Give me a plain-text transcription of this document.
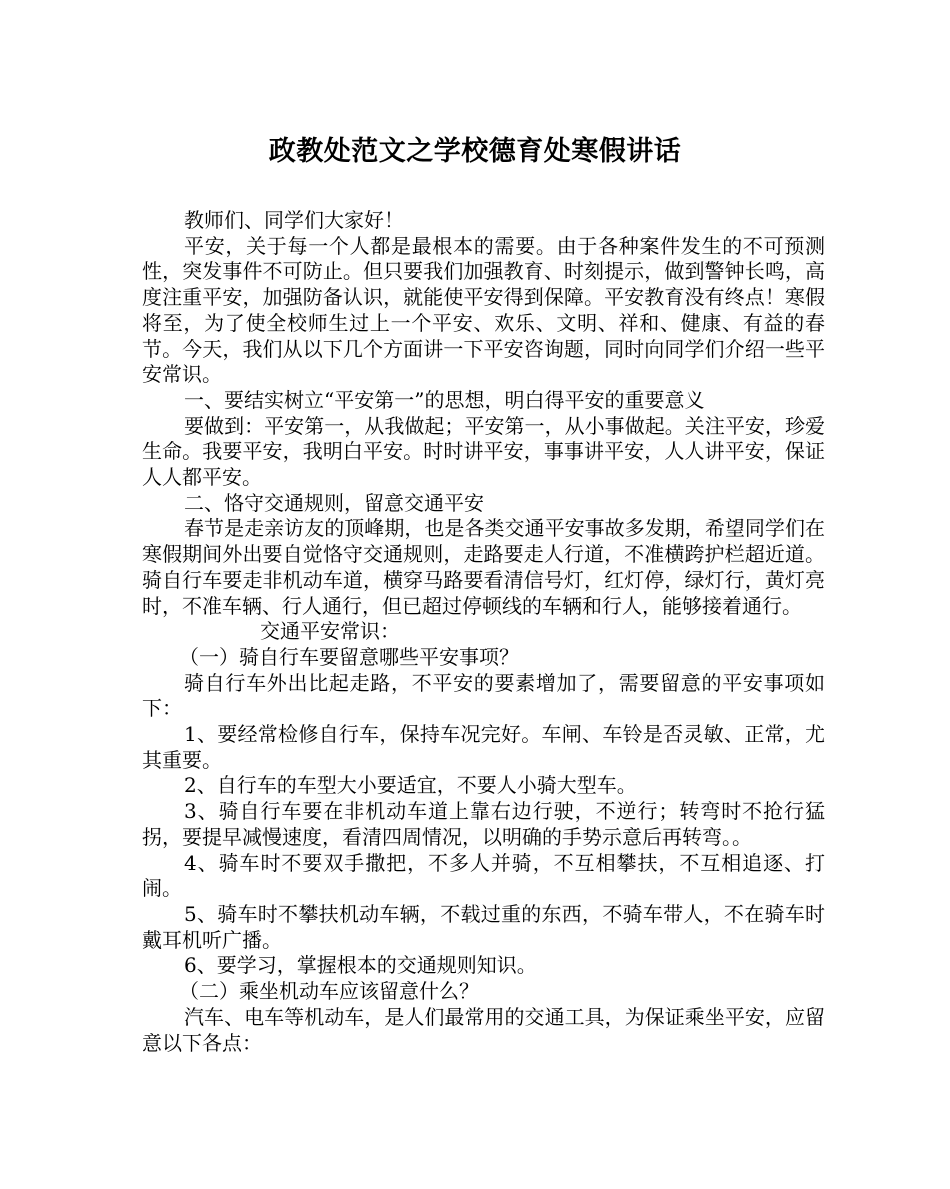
政教处范文之学校德育处寒假讲话

教师们、同学们大家好！

平安，关于每一个人都是最根本的需要。由于各种案件发生的不可预测性，突发事件不可防止。但只要我们加强教育、时刻提示，做到警钟长鸣，高度注重平安，加强防备认识，就能使平安得到保障。平安教育没有终点！寒假将至，为了使全校师生过上一个平安、欢乐、文明、祥和、健康、有益的春节。今天，我们从以下几个方面讲一下平安咨询题，同时向同学们介绍一些平安常识。

一、要结实树立“平安第一”的思想，明白得平安的重要意义

要做到：平安第一，从我做起；平安第一，从小事做起。关注平安，珍爱生命。我要平安，我明白平安。时时讲平安，事事讲平安，人人讲平安，保证人人都平安。

二、恪守交通规则，留意交通平安

春节是走亲访友的顶峰期，也是各类交通平安事故多发期，希望同学们在寒假期间外出要自觉恪守交通规则，走路要走人行道，不准横跨护栏超近道。骑自行车要走非机动车道，横穿马路要看清信号灯，红灯停，绿灯行，黄灯亮时，不准车辆、行人通行，但已超过停顿线的车辆和行人，能够接着通行。

交通平安常识：

（一）骑自行车要留意哪些平安事项？

骑自行车外出比起走路，不平安的要素增加了，需要留意的平安事项如下：

1、要经常检修自行车，保持车况完好。车闸、车铃是否灵敏、正常，尤其重要。

2、自行车的车型大小要适宜，不要人小骑大型车。

3、骑自行车要在非机动车道上靠右边行驶，不逆行；转弯时不抢行猛拐，要提早减慢速度，看清四周情况，以明确的手势示意后再转弯。。

4、骑车时不要双手撒把，不多人并骑，不互相攀扶，不互相追逐、打闹。

5、骑车时不攀扶机动车辆，不载过重的东西，不骑车带人，不在骑车时戴耳机听广播。

6、要学习，掌握根本的交通规则知识。

（二）乘坐机动车应该留意什么？

汽车、电车等机动车，是人们最常用的交通工具，为保证乘坐平安，应留意以下各点：
